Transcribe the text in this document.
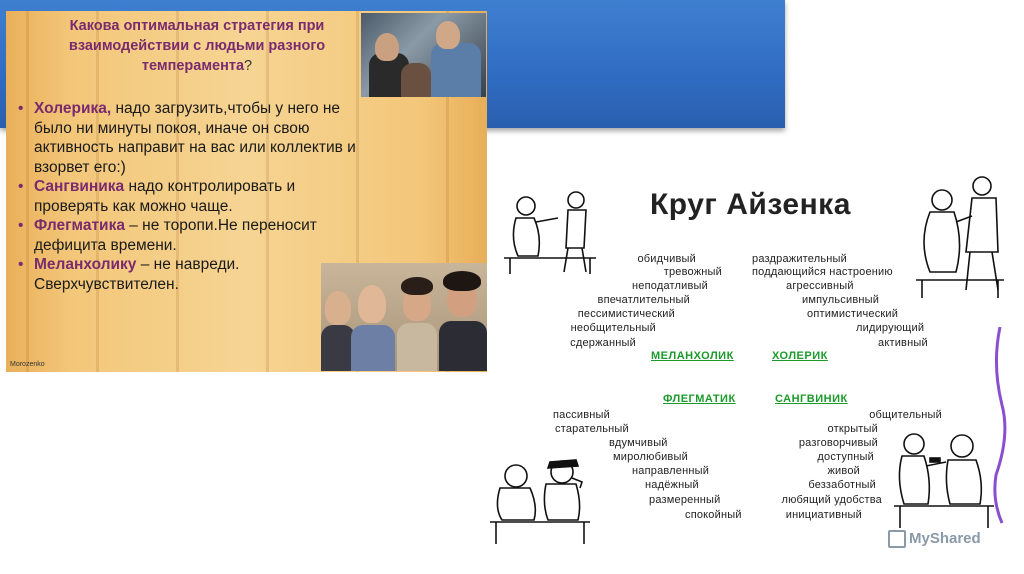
Какова оптимальная стратегия при взаимодействии с людьми разного темперамента?
• Холерика, надо загрузить,чтобы у него не было ни минуты покоя, иначе он свою активность направит на вас или коллектив и взорвет его:)
• Сангвиника надо контролировать и проверять как можно чаще.
• Флегматика – не торопи.Не переносит дефицита времени.
• Меланхолику – не навреди. Сверхчувствителен.
Morozenko
Круг Айзенка
обидчивый
тревожный
неподатливый
впечатлительный
пессимистический
необщительный
сдержанный
раздражительный
поддающийся настроению
агрессивный
импульсивный
оптимистический
лидирующий
активный
МЕЛАНХОЛИК	ХОЛЕРИК
ФЛЕГМАТИК	САНГВИНИК
пассивный
старательный
вдумчивый
миролюбивый
направленный
надёжный
размеренный
спокойный
общительный
открытый
разговорчивый
доступный
живой
беззаботный
любящий удобства
инициативный
MyShared
